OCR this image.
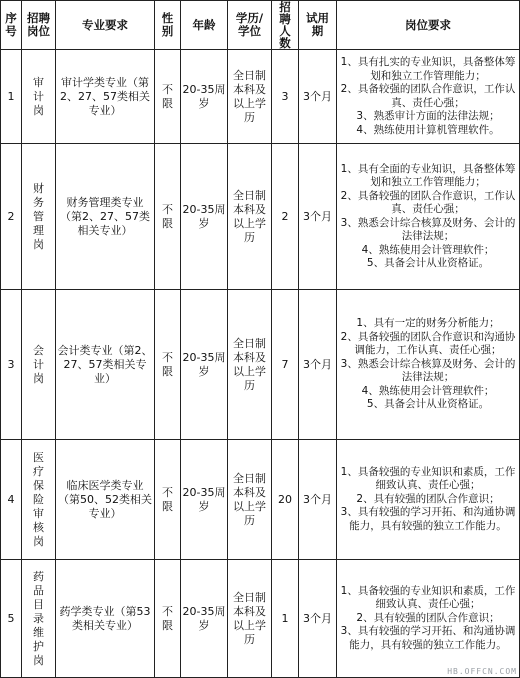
序号	招聘岗位	专业要求	性别	年龄	学历/学位	招聘人数	试用期	岗位要求
1	审计岗	审计学类专业（第2、27、57类相关专业）	不限	20-35周岁	全日制本科及以上学历	3	3个月	1、具有扎实的专业知识，具备整体筹划和独立工作管理能力；
2、具备较强的团队合作意识，工作认真、责任心强；
3、熟悉审计方面的法律法规；
4、熟练使用计算机管理软件。

2	财务管理岗	财务管理类专业（第2、27、57类相关专业）	不限	20-35周岁	全日制本科及以上学历	2	3个月	1、具有全面的专业知识，具备整体筹划和独立工作管理能力；
2、具备较强的团队合作意识，工作认真、责任心强；
3、熟悉会计综合核算及财务、会计的法律法规；
4、熟练使用会计管理软件；
5、具备会计从业资格证。

3	会计岗	会计类专业（第2、27、57类相关专业）	不限	20-35周岁	全日制本科及以上学历	7	3个月	1、具有一定的财务分析能力；
2、具备较强的团队合作意识和沟通协调能力，工作认真、责任心强；
3、熟悉会计综合核算及财务、会计的法律法规；
4、熟练使用会计管理软件；
5、具备会计从业资格证。

4	医疗保险审核岗	临床医学类专业（第50、52类相关专业）	不限	20-35周岁	全日制本科及以上学历	20	3个月	1、具备较强的专业知识和素质，工作细致认真、责任心强；
2、具有较强的团队合作意识；
3、具有较强的学习开拓、和沟通协调能力，具有较强的独立工作能力。

5	药品目录维护岗	药学类专业（第53类相关专业）	不限	20-35周岁	全日制本科及以上学历	1	3个月	1、具备较强的专业知识和素质，工作细致认真、责任心强；
2、具有较强的团队合作意识；
3、具有较强的学习开拓、和沟通协调能力，具有较强的独立工作能力。
HB.OFFCN.COM
